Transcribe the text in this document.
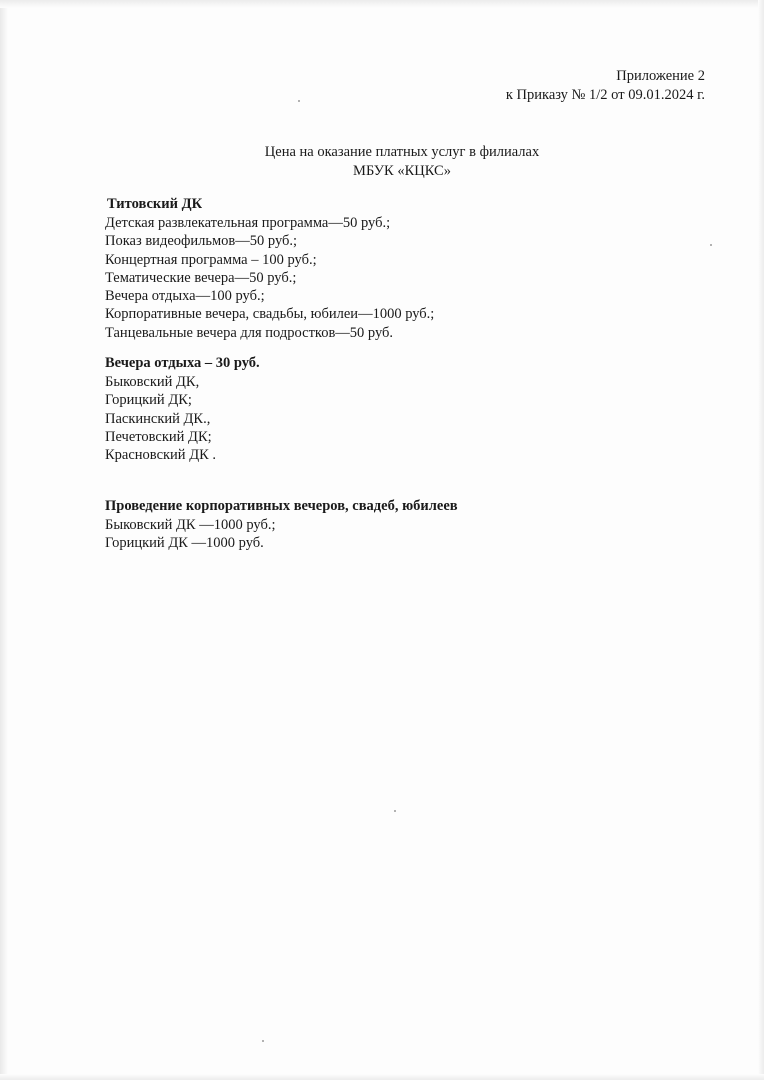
Приложение 2
к Приказу № 1/2 от 09.01.2024 г.
Цена на оказание платных услуг в филиалах
МБУК «КЦКС»
Титовский ДК
Детская развлекательная программа—50 руб.;
Показ видеофильмов—50 руб.;
Концертная программа – 100 руб.;
Тематические вечера—50 руб.;
Вечера отдыха—100 руб.;
Корпоративные вечера, свадьбы, юбилеи—1000 руб.;
Танцевальные вечера для подростков—50 руб.
Вечера отдыха – 30 руб.
Быковский ДК,
Горицкий ДК;
Паскинский ДК.,
Печетовский ДК;
Красновский ДК .
Проведение корпоративных вечеров, свадеб, юбилеев
Быковский ДК —1000 руб.;
Горицкий ДК —1000 руб.
